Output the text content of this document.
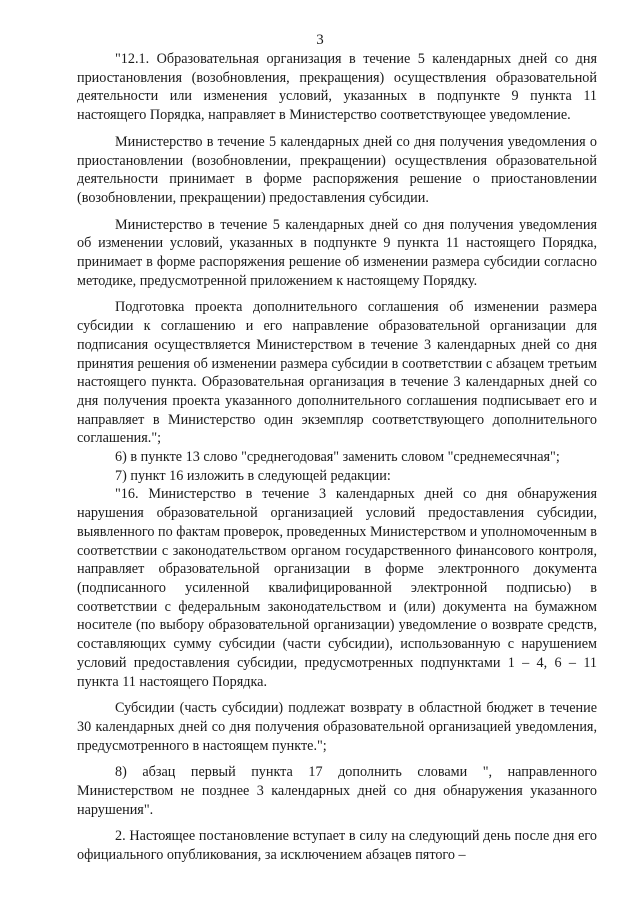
3

"12.1. Образовательная организация в течение 5 календарных дней со дня приостановления (возобновления, прекращения) осуществления образовательной деятельности или изменения условий, указанных в подпункте 9 пункта 11 настоящего Порядка, направляет в Министерство соответствующее уведомление.

Министерство в течение 5 календарных дней со дня получения уведомления о приостановлении (возобновлении, прекращении) осуществления образовательной деятельности принимает в форме распоряжения решение о приостановлении (возобновлении, прекращении) предоставления субсидии.

Министерство в течение 5 календарных дней со дня получения уведомления об изменении условий, указанных в подпункте 9 пункта 11 настоящего Порядка, принимает в форме распоряжения решение об изменении размера субсидии согласно методике, предусмотренной приложением к настоящему Порядку.

Подготовка проекта дополнительного соглашения об изменении размера субсидии к соглашению и его направление образовательной организации для подписания осуществляется Министерством в течение 3 календарных дней со дня принятия решения об изменении размера субсидии в соответствии с абзацем третьим настоящего пункта. Образовательная организация в течение 3 календарных дней со дня получения проекта указанного дополнительного соглашения подписывает его и направляет в Министерство один экземпляр соответствующего дополнительного соглашения.";

6) в пункте 13 слово "среднегодовая" заменить словом "среднемесячная";

7) пункт 16 изложить в следующей редакции:

"16. Министерство в течение 3 календарных дней со дня обнаружения нарушения образовательной организацией условий предоставления субсидии, выявленного по фактам проверок, проведенных Министерством и уполномоченным в соответствии с законодательством органом государственного финансового контроля, направляет образовательной организации в форме электронного документа (подписанного усиленной квалифицированной электронной подписью) в соответствии с федеральным законодательством и (или) документа на бумажном носителе (по выбору образовательной организации) уведомление о возврате средств, составляющих сумму субсидии (части субсидии), использованную с нарушением условий предоставления субсидии, предусмотренных подпунктами 1 – 4, 6 – 11 пункта 11 настоящего Порядка.

Субсидии (часть субсидии) подлежат возврату в областной бюджет в течение 30 календарных дней со дня получения образовательной организацией уведомления, предусмотренного в настоящем пункте.";

8) абзац первый пункта 17 дополнить словами ", направленного Министерством не позднее 3 календарных дней со дня обнаружения указанного нарушения".

2. Настоящее постановление вступает в силу на следующий день после дня его официального опубликования, за исключением абзацев пятого –
